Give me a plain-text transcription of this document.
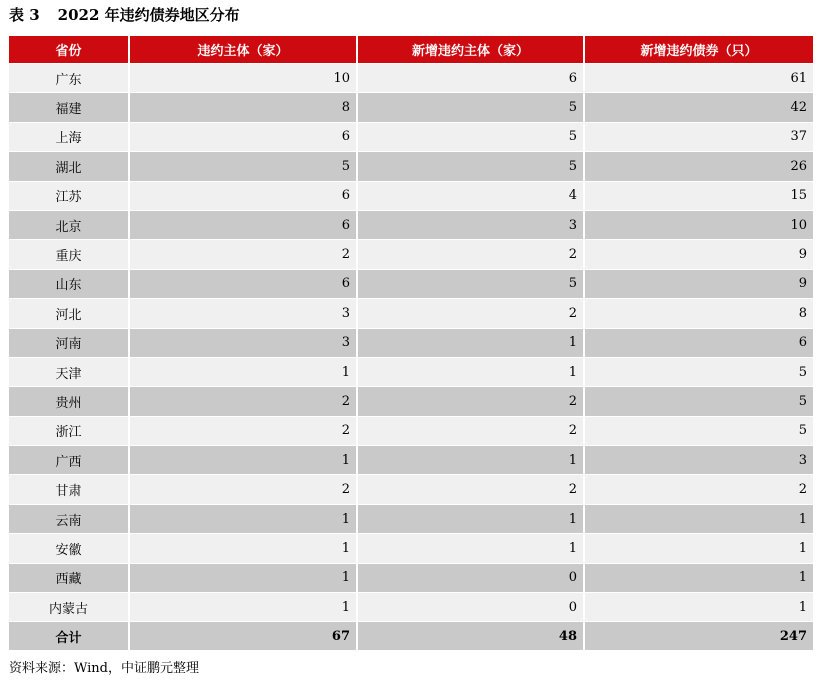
表 3 2022 年违约债券地区分布
省份	违约主体（家）	新增违约主体（家）	新增违约债券（只）
广东	10	6	61
福建	8	5	42
上海	6	5	37
湖北	5	5	26
江苏	6	4	15
北京	6	3	10
重庆	2	2	9
山东	6	5	9
河北	3	2	8
河南	3	1	6
天津	1	1	5
贵州	2	2	5
浙江	2	2	5
广西	1	1	3
甘肃	2	2	2
云南	1	1	1
安徽	1	1	1
西藏	1	0	1
内蒙古	1	0	1
合计	67	48	247
资料来源：Wind，中证鹏元整理
